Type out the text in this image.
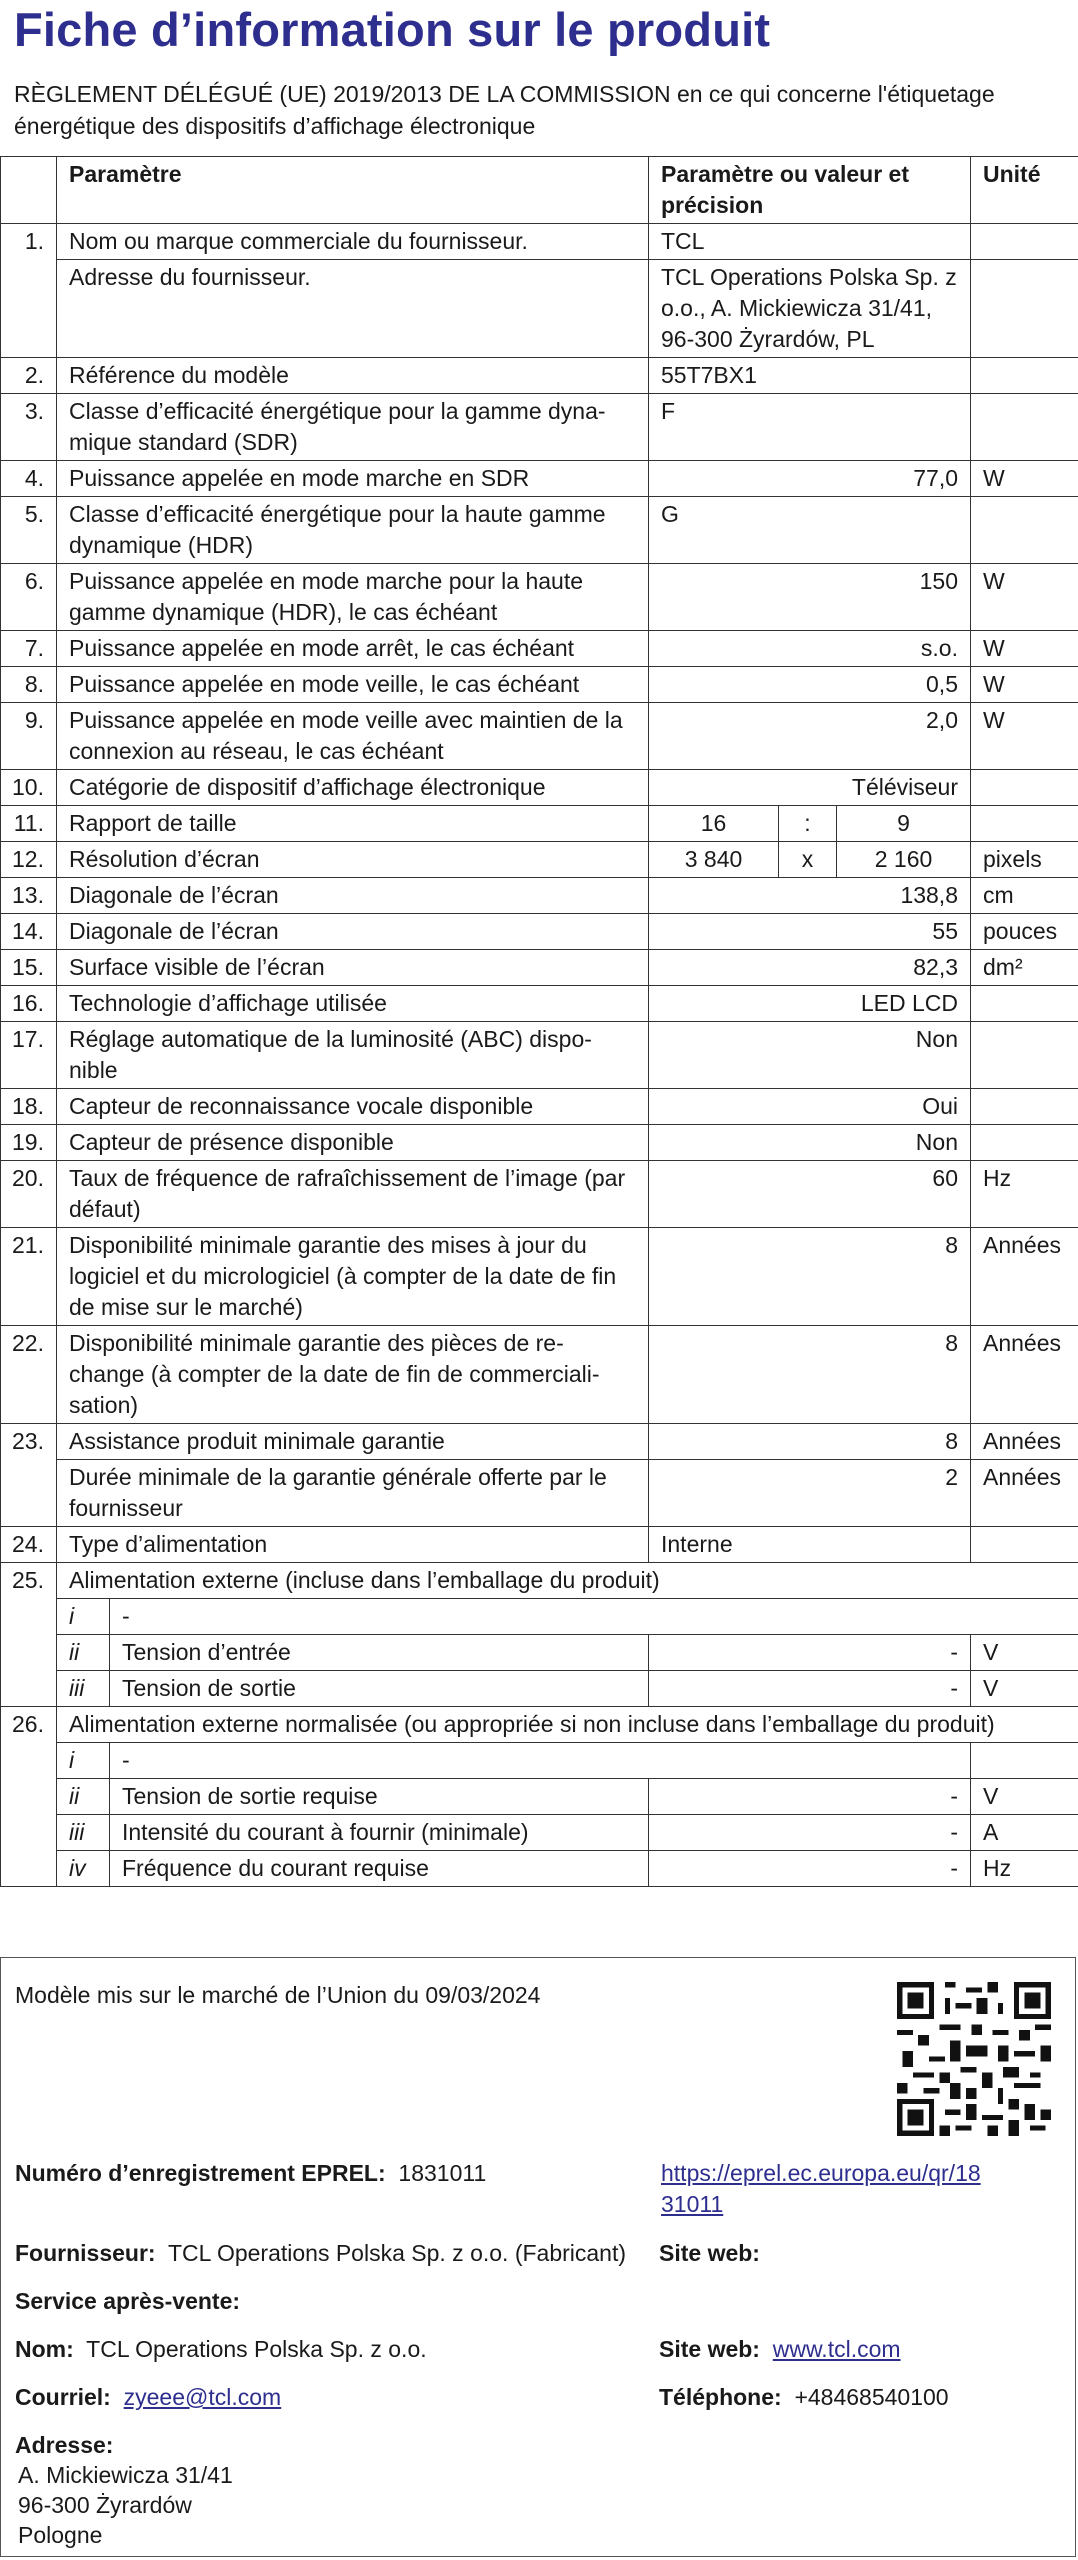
Fiche d’information sur le produit

RÈGLEMENT DÉLÉGUÉ (UE) 2019/2013 DE LA COMMISSION en ce qui concerne l'étiquetage énergétique des dispositifs d’affichage électronique

	Paramètre		Paramètre ou valeur et précision			Unité
1.	Nom ou marque commerciale du fournisseur.		TCL			
	Adresse du fournisseur.		TCL Operations Polska Sp. z o.o., A. Mickiewicza 31/41, 96-300 Żyrardów, PL			
2.	Référence du modèle		55T7BX1			
3.	Classe d’efficacité énergétique pour la gamme dyna-mique standard (SDR)		F			
4.	Puissance appelée en mode marche en SDR		77,0			W
5.	Classe d’efficacité énergétique pour la haute gamme dynamique (HDR)		G			
6.	Puissance appelée en mode marche pour la haute gamme dynamique (HDR), le cas échéant		150			W
7.	Puissance appelée en mode arrêt, le cas échéant		s.o.			W
8.	Puissance appelée en mode veille, le cas échéant		0,5			W
9.	Puissance appelée en mode veille avec maintien de la connexion au réseau, le cas échéant		2,0			W
10.	Catégorie de dispositif d’affichage électronique		Téléviseur			
11.	Rapport de taille		16	:	9	
12.	Résolution d’écran		3 840	x	2 160	pixels
13.	Diagonale de l’écran		138,8			cm
14.	Diagonale de l’écran		55			pouces
15.	Surface visible de l’écran		82,3			dm²
16.	Technologie d’affichage utilisée		LED LCD			
17.	Réglage automatique de la luminosité (ABC) dispo-nible		Non			
18.	Capteur de reconnaissance vocale disponible		Oui			
19.	Capteur de présence disponible		Non			
20.	Taux de fréquence de rafraîchissement de l’image (par défaut)		60			Hz
21.	Disponibilité minimale garantie des mises à jour du logiciel et du micrologiciel (à compter de la date de fin de mise sur le marché)		8			Années
22.	Disponibilité minimale garantie des pièces de re-change (à compter de la date de fin de commerciali-sation)		8			Années
23.	Assistance produit minimale garantie		8			Années
	Durée minimale de la garantie générale offerte par le fournisseur		2			Années
24.	Type d’alimentation		Interne			
25.	Alimentation externe (incluse dans l’emballage du produit)					
	i	-				
	ii	Tension d’entrée	-			V
	iii	Tension de sortie	-			V
26.	Alimentation externe normalisée (ou appropriée si non incluse dans l’emballage du produit)					
	i	-				
	ii	Tension de sortie requise	-			V
	iii	Intensité du courant à fournir (minimale)	-			A
	iv	Fréquence du courant requise	-			Hz
Modèle mis sur le marché de l’Union du 09/03/2024
Numéro d’enregistrement EPREL: 1831011	https://eprel.ec.europa.eu/qr/18
31011
Fournisseur: TCL Operations Polska Sp. z o.o. (Fabricant) Site web:
Service après-vente:
Nom: TCL Operations Polska Sp. z o.o.	Site web: www.tcl.com
Courriel: zyeee@tcl.com	Téléphone: +48468540100
Adresse:
A. Mickiewicza 31/41
96-300 Żyrardów
Pologne
